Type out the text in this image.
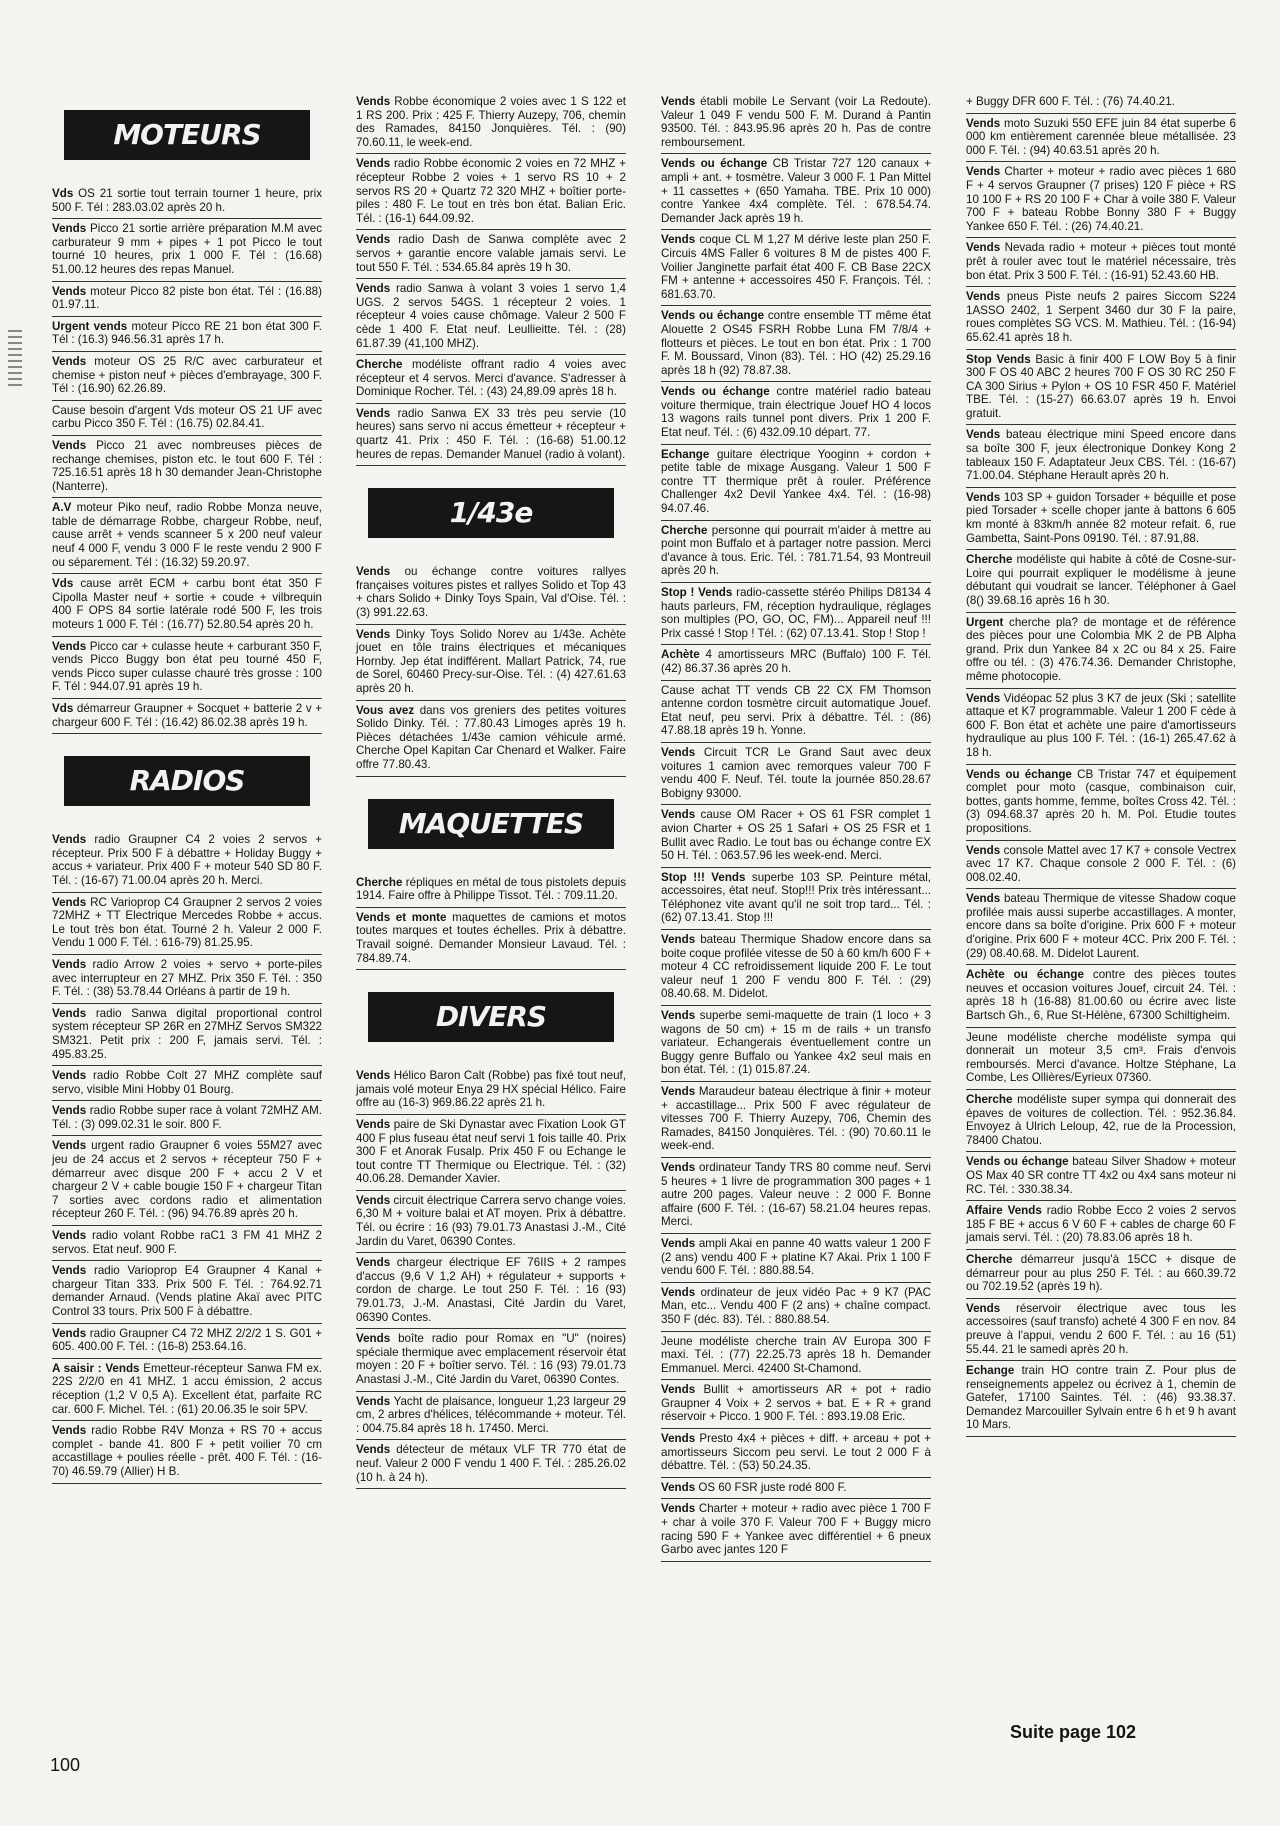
MOTEURS

Vds OS 21 sortie tout terrain tourner 1 heure, prix 500 F. Tél : 283.03.02 après 20 h.

Vends Picco 21 sortie arrière préparation M.M avec carburateur 9 mm + pipes + 1 pot Picco le tout tourné 10 heures, prix 1 000 F. Tél : (16.68) 51.00.12 heures des repas Manuel.

Vends moteur Picco 82 piste bon état. Tél : (16.88) 01.97.11.

Urgent vends moteur Picco RE 21 bon état 300 F. Tél : (16.3) 946.56.31 après 17 h.

Vends moteur OS 25 R/C avec carburateur et chemise + piston neuf + pièces d'embrayage, 300 F. Tél : (16.90) 62.26.89.

Cause besoin d'argent Vds moteur OS 21 UF avec carbu Picco 350 F. Tél : (16.75) 02.84.41.

Vends Picco 21 avec nombreuses pièces de rechange chemises, piston etc. le tout 600 F. Tél : 725.16.51 après 18 h 30 demander Jean-Christophe (Nanterre).

A.V moteur Piko neuf, radio Robbe Monza neuve, table de démarrage Robbe, chargeur Robbe, neuf, cause arrêt + vends scanneer 5 x 200 neuf valeur neuf 4 000 F, vendu 3 000 F le reste vendu 2 900 F ou séparement. Tél : (16.32) 59.20.97.

Vds cause arrêt ECM + carbu bont état 350 F Cipolla Master neuf + sortie + coude + vilbrequin 400 F OPS 84 sortie latérale rodé 500 F, les trois moteurs 1 000 F. Tél : (16.77) 52.80.54 après 20 h.

Vends Picco car + culasse heute + carburant 350 F, vends Picco Buggy bon état peu tourné 450 F, vends Picco super culasse chauré très grosse : 100 F. Tél : 944.07.91 après 19 h.

Vds démarreur Graupner + Socquet + batterie 2 v + chargeur 600 F. Tél : (16.42) 86.02.38 après 19 h.

RADIOS

Vends radio Graupner C4 2 voies 2 servos + récepteur. Prix 500 F à débattre + Holiday Buggy + accus + variateur. Prix 400 F + moteur 540 SD 80 F. Tél. : (16-67) 71.00.04 après 20 h. Merci.

Vends RC Varioprop C4 Graupner 2 servos 2 voies 72MHZ + TT Electrique Mercedes Robbe + accus. Le tout très bon état. Tourné 2 h. Valeur 2 000 F. Vendu 1 000 F. Tél. : 616-79) 81.25.95.

Vends radio Arrow 2 voies + servo + porte-piles avec interrupteur en 27 MHZ. Prix 350 F. Tél. : 350 F. Tél. : (38) 53.78.44 Orléans à partir de 19 h.

Vends radio Sanwa digital proportional control system récepteur SP 26R en 27MHZ Servos SM322 SM321. Petit prix : 200 F, jamais servi. Tél. : 495.83.25.

Vends radio Robbe Colt 27 MHZ complète sauf servo, visible Mini Hobby 01 Bourg.

Vends radio Robbe super race à volant 72MHZ AM. Tél. : (3) 099.02.31 le soir. 800 F.

Vends urgent radio Graupner 6 voies 55M27 avec jeu de 24 accus et 2 servos + récepteur 750 F + démarreur avec disque 200 F + accu 2 V et chargeur 2 V + cable bougie 150 F + chargeur Titan 7 sorties avec cordons radio et alimentation récepteur 260 F. Tél. : (96) 94.76.89 après 20 h.

Vends radio volant Robbe raC1 3 FM 41 MHZ 2 servos. Etat neuf. 900 F.

Vends radio Varioprop E4 Graupner 4 Kanal + chargeur Titan 333. Prix 500 F. Tél. : 764.92.71 demander Arnaud. (Vends platine Akaï avec PITC Control 33 tours. Prix 500 F à débattre.

Vends radio Graupner C4 72 MHZ 2/2/2 1 S. G01 + 605. 400.00 F. Tél. : (16-8) 253.64.16.

A saisir : Vends Emetteur-récepteur Sanwa FM ex. 22S 2/2/0 en 41 MHZ. 1 accu émission, 2 accus réception (1,2 V 0,5 A). Excellent état, parfaite RC car. 600 F. Michel. Tél. : (61) 20.06.35 le soir 5PV.

Vends radio Robbe R4V Monza + RS 70 + accus complet - bande 41. 800 F + petit voilier 70 cm accastillage + poulies réelle - prêt. 400 F. Tél. : (16-70) 46.59.79 (Allier) H B.

Vends Robbe économique 2 voies avec 1 S 122 et 1 RS 200. Prix : 425 F. Thierry Auzepy, 706, chemin des Ramades, 84150 Jonquières. Tél. : (90) 70.60.11, le week-end.

Vends radio Robbe économic 2 voies en 72 MHZ + récepteur Robbe 2 voies + 1 servo RS 10 + 2 servos RS 20 + Quartz 72 320 MHZ + boîtier porte-piles : 480 F. Le tout en très bon état. Balian Eric. Tél. : (16-1) 644.09.92.

Vends radio Dash de Sanwa complète avec 2 servos + garantie encore valable jamais servi. Le tout 550 F. Tél. : 534.65.84 après 19 h 30.

Vends radio Sanwa à volant 3 voies 1 servo 1,4 UGS. 2 servos 54GS. 1 récepteur 2 voies. 1 récepteur 4 voies cause chômage. Valeur 2 500 F cède 1 400 F. Etat neuf. Leullieitte. Tél. : (28) 61.87.39 (41,100 MHZ).

Cherche modéliste offrant radio 4 voies avec récepteur et 4 servos. Merci d'avance. S'adresser à Dominique Rocher. Tél. : (43) 24,89.09 après 18 h.

Vends radio Sanwa EX 33 très peu servie (10 heures) sans servo ni accus émetteur + récepteur + quartz 41. Prix : 450 F. Tél. : (16-68) 51.00.12 heures de repas. Demander Manuel (radio à volant).

1/43e

Vends ou échange contre voitures rallyes françaises voitures pistes et rallyes Solido et Top 43 + chars Solido + Dinky Toys Spain, Val d'Oise. Tél. : (3) 991.22.63.

Vends Dinky Toys Solido Norev au 1/43e. Achète jouet en tôle trains électriques et mécaniques Hornby. Jep état indifférent. Mallart Patrick, 74, rue de Sorel, 60460 Precy-sur-Oise. Tél. : (4) 427.61.63 après 20 h.

Vous avez dans vos greniers des petites voitures Solido Dinky. Tél. : 77.80.43 Limoges après 19 h. Pièces détachées 1/43e camion véhicule armé. Cherche Opel Kapitan Car Chenard et Walker. Faire offre 77.80.43.

MAQUETTES

Cherche répliques en métal de tous pistolets depuis 1914. Faire offre à Philippe Tissot. Tél. : 709.11.20.

Vends et monte maquettes de camions et motos toutes marques et toutes échelles. Prix à débattre. Travail soigné. Demander Monsieur Lavaud. Tél. : 784.89.74.

DIVERS

Vends Hélico Baron Calt (Robbe) pas fixé tout neuf, jamais volé moteur Enya 29 HX spécial Hélico. Faire offre au (16-3) 969.86.22 après 21 h.

Vends paire de Ski Dynastar avec Fixation Look GT 400 F plus fuseau état neuf servi 1 fois taille 40. Prix 300 F et Anorak Fusalp. Prix 450 F ou Echange le tout contre TT Thermique ou Electrique. Tél. : (32) 40.06.28. Demander Xavier.

Vends circuit électrique Carrera servo change voies. 6,30 M + voiture balai et AT moyen. Prix à débattre. Tél. ou écrire : 16 (93) 79.01.73 Anastasi J.-M., Cité Jardin du Varet, 06390 Contes.

Vends chargeur électrique EF 76IIS + 2 rampes d'accus (9,6 V 1,2 AH) + régulateur + supports + cordon de charge. Le tout 250 F. Tél. : 16 (93) 79.01.73, J.-M. Anastasi, Cité Jardin du Varet, 06390 Contes.

Vends boîte radio pour Romax en "U" (noires) spéciale thermique avec emplacement réservoir état moyen : 20 F + boîtier servo. Tél. : 16 (93) 79.01.73 Anastasi J.-M., Cité Jardin du Varet, 06390 Contes.

Vends Yacht de plaisance, longueur 1,23 largeur 29 cm, 2 arbres d'hélices, télécommande + moteur. Tél. : 004.75.84 après 18 h. 17450. Merci.

Vends détecteur de métaux VLF TR 770 état de neuf. Valeur 2 000 F vendu 1 400 F. Tél. : 285.26.02 (10 h. à 24 h).

Vends établi mobile Le Servant (voir La Redoute). Valeur 1 049 F vendu 500 F. M. Durand à Pantin 93500. Tél. : 843.95.96 après 20 h. Pas de contre remboursement.

Vends ou échange CB Tristar 727 120 canaux + ampli + ant. + tosmètre. Valeur 3 000 F. 1 Pan Mittel + 11 cassettes + (650 Yamaha. TBE. Prix 10 000) contre Yankee 4x4 complète. Tél. : 678.54.74. Demander Jack après 19 h.

Vends coque CL M 1,27 M dérive leste plan 250 F. Circuis 4MS Faller 6 voitures 8 M de pistes 400 F. Voilier Janginette parfait état 400 F. CB Base 22CX FM + antenne + accessoires 450 F. François. Tél. : 681.63.70.

Vends ou échange contre ensemble TT même état Alouette 2 OS45 FSRH Robbe Luna FM 7/8/4 + flotteurs et pièces. Le tout en bon état. Prix : 1 700 F. M. Boussard, Vinon (83). Tél. : HO (42) 25.29.16 après 18 h (92) 78.87.38.

Vends ou échange contre matériel radio bateau voiture thermique, train électrique Jouef HO 4 locos 13 wagons rails tunnel pont divers. Prix 1 200 F. Etat neuf. Tél. : (6) 432.09.10 départ. 77.

Echange guitare électrique Yooginn + cordon + petite table de mixage Ausgang. Valeur 1 500 F contre TT thermique prêt à rouler. Préférence Challenger 4x2 Devil Yankee 4x4. Tél. : (16-98) 94.07.46.

Cherche personne qui pourrait m'aider à mettre au point mon Buffalo et à partager notre passion. Merci d'avance à tous. Eric. Tél. : 781.71.54, 93 Montreuil après 20 h.

Stop ! Vends radio-cassette stéréo Philips D8134 4 hauts parleurs, FM, réception hydraulique, réglages son multiples (PO, GO, OC, FM)... Appareil neuf !!! Prix cassé ! Stop ! Tél. : (62) 07.13.41. Stop ! Stop !

Achète 4 amortisseurs MRC (Buffalo) 100 F. Tél. (42) 86.37.36 après 20 h.

Cause achat TT vends CB 22 CX FM Thomson antenne cordon tosmètre circuit automatique Jouef. Etat neuf, peu servi. Prix à débattre. Tél. : (86) 47.88.18 après 19 h. Yonne.

Vends Circuit TCR Le Grand Saut avec deux voitures 1 camion avec remorques valeur 700 F vendu 400 F. Neuf. Tél. toute la journée 850.28.67 Bobigny 93000.

Vends cause OM Racer + OS 61 FSR complet 1 avion Charter + OS 25 1 Safari + OS 25 FSR et 1 Bullit avec Radio. Le tout bas ou échange contre EX 50 H. Tél. : 063.57.96 les week-end. Merci.

Stop !!! Vends superbe 103 SP. Peinture métal, accessoires, état neuf. Stop!!! Prix très intéressant... Téléphonez vite avant qu'il ne soit trop tard... Tél. : (62) 07.13.41. Stop !!!

Vends bateau Thermique Shadow encore dans sa boite coque profilée vitesse de 50 à 60 km/h 600 F + moteur 4 CC refroidissement liquide 200 F. Le tout valeur neuf 1 200 F vendu 800 F. Tél. : (29) 08.40.68. M. Didelot.

Vends superbe semi-maquette de train (1 loco + 3 wagons de 50 cm) + 15 m de rails + un transfo variateur. Echangerais éventuellement contre un Buggy genre Buffalo ou Yankee 4x2 seul mais en bon état. Tél. : (1) 015.87.24.

Vends Maraudeur bateau électrique à finir + moteur + accastillage... Prix 500 F avec régulateur de vitesses 700 F. Thierry Auzepy, 706, Chemin des Ramades, 84150 Jonquières. Tél. : (90) 70.60.11 le week-end.

Vends ordinateur Tandy TRS 80 comme neuf. Servi 5 heures + 1 livre de programmation 300 pages + 1 autre 200 pages. Valeur neuve : 2 000 F. Bonne affaire (600 F. Tél. : (16-67) 58.21.04 heures repas. Merci.

Vends ampli Akai en panne 40 watts valeur 1 200 F (2 ans) vendu 400 F + platine K7 Akai. Prix 1 100 F vendu 600 F. Tél. : 880.88.54.

Vends ordinateur de jeux vidéo Pac + 9 K7 (PAC Man, etc... Vendu 400 F (2 ans) + chaîne compact. 350 F (déc. 83). Tél. : 880.88.54.

Jeune modéliste cherche train AV Europa 300 F maxi. Tél. : (77) 22.25.73 après 18 h. Demander Emmanuel. Merci. 42400 St-Chamond.

Vends Bullit + amortisseurs AR + pot + radio Graupner 4 Voix + 2 servos + bat. E + R + grand réservoir + Picco. 1 900 F. Tél. : 893.19.08 Eric.

Vends Presto 4x4 + pièces + diff. + arceau + pot + amortisseurs Siccom peu servi. Le tout 2 000 F à débattre. Tél. : (53) 50.24.35.

Vends OS 60 FSR juste rodé 800 F.

Vends Charter + moteur + radio avec pièce 1 700 F + char à voile 370 F. Valeur 700 F + Buggy micro racing 590 F + Yankee avec différentiel + 6 pneux Garbo avec jantes 120 F

+ Buggy DFR 600 F. Tél. : (76) 74.40.21.

Vends moto Suzuki 550 EFE juin 84 état superbe 6 000 km entièrement carennée bleue métallisée. 23 000 F. Tél. : (94) 40.63.51 après 20 h.

Vends Charter + moteur + radio avec pièces 1 680 F + 4 servos Graupner (7 prises) 120 F pièce + RS 10 100 F + RS 20 100 F + Char à voile 380 F. Valeur 700 F + bateau Robbe Bonny 380 F + Buggy Yankee 650 F. Tél. : (26) 74.40.21.

Vends Nevada radio + moteur + pièces tout monté prêt à rouler avec tout le matériel nécessaire, très bon état. Prix 3 500 F. Tél. : (16-91) 52.43.60 HB.

Vends pneus Piste neufs 2 paires Siccom S224 1ASSO 2402, 1 Serpent 3460 dur 30 F la paire, roues complètes SG VCS. M. Mathieu. Tél. : (16-94) 65.62.41 après 18 h.

Stop Vends Basic à finir 400 F LOW Boy 5 à finir 300 F OS 40 ABC 2 heures 700 F OS 30 RC 250 F CA 300 Sirius + Pylon + OS 10 FSR 450 F. Matériel TBE. Tél. : (15-27) 66.63.07 après 19 h. Envoi gratuit.

Vends bateau électrique mini Speed encore dans sa boîte 300 F, jeux électronique Donkey Kong 2 tableaux 150 F. Adaptateur Jeux CBS. Tél. : (16-67) 71.00.04. Stéphane Herault après 20 h.

Vends 103 SP + guidon Torsader + béquille et pose pied Torsader + scelle choper jante à battons 6 605 km monté à 83km/h année 82 moteur refait. 6, rue Gambetta, Saint-Pons 09190. Tél. : 87.91,88.

Cherche modéliste qui habite à côté de Cosne-sur-Loire qui pourrait expliquer le modélisme à jeune débutant qui voudrait se lancer. Téléphoner à Gael (8() 39.68.16 après 16 h 30.

Urgent cherche pla? de montage et de référence des pièces pour une Colombia MK 2 de PB Alpha grand. Prix dun Yankee 84 x 2C ou 84 x 25. Faire offre ou tél. : (3) 476.74.36. Demander Christophe, même photocopie.

Vends Vidéopac 52 plus 3 K7 de jeux (Ski ; satellite attaque et K7 programmable. Valeur 1 200 F cède à 600 F. Bon état et achète une paire d'amortisseurs hydraulique au plus 100 F. Tél. : (16-1) 265.47.62 à 18 h.

Vends ou échange CB Tristar 747 et équipement complet pour moto (casque, combinaison cuir, bottes, gants homme, femme, boîtes Cross 42. Tél. : (3) 094.68.37 après 20 h. M. Pol. Etudie toutes propositions.

Vends console Mattel avec 17 K7 + console Vectrex avec 17 K7. Chaque console 2 000 F. Tél. : (6) 008.02.40.

Vends bateau Thermique de vitesse Shadow coque profilée mais aussi superbe accastillages. A monter, encore dans sa boîte d'origine. Prix 600 F + moteur d'origine. Prix 600 F + moteur 4CC. Prix 200 F. Tél. : (29) 08.40.68. M. Didelot Laurent.

Achète ou échange contre des pièces toutes neuves et occasion voitures Jouef, circuit 24. Tél. : après 18 h (16-88) 81.00.60 ou écrire avec liste Bartsch Gh., 6, Rue St-Hélène, 67300 Schiltigheim.

Jeune modéliste cherche modéliste sympa qui donnerait un moteur 3,5 cm³. Frais d'envois remboursés. Merci d'avance. Holtze Stéphane, La Combe, Les Ollières/Eyrieux 07360.

Cherche modéliste super sympa qui donnerait des épaves de voitures de collection. Tél. : 952.36.84. Envoyez à Ulrich Leloup, 42, rue de la Procession, 78400 Chatou.

Vends ou échange bateau Silver Shadow + moteur OS Max 40 SR contre TT 4x2 ou 4x4 sans moteur ni RC. Tél. : 330.38.34.

Affaire Vends radio Robbe Ecco 2 voies 2 servos 185 F BE + accus 6 V 60 F + cables de charge 60 F jamais servi. Tél. : (20) 78.83.06 après 18 h.

Cherche démarreur jusqu'à 15CC + disque de démarreur pour au plus 250 F. Tél. : au 660.39.72 ou 702.19.52 (après 19 h).

Vends réservoir électrique avec tous les accessoires (sauf transfo) acheté 4 300 F en nov. 84 preuve à l'appui, vendu 2 600 F. Tél. : au 16 (51) 55.44. 21 le samedi après 20 h.

Echange train HO contre train Z. Pour plus de renseignements appelez ou écrivez à 1, chemin de Gatefer, 17100 Saintes. Tél. : (46) 93.38.37. Demandez Marcouiller Sylvain entre 6 h et 9 h avant 10 Mars.

Suite page 102
100
